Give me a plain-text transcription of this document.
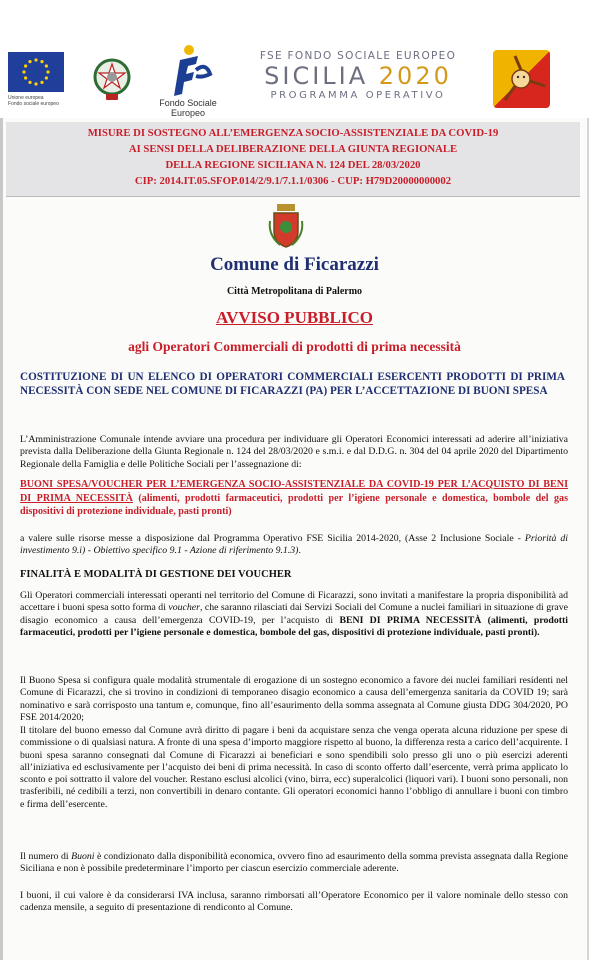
Unione europea
Fondo sociale europeo	Fondo Sociale Europeo
FSE FONDO SOCIALE EUROPEO
SICILIA 2020
PROGRAMMA OPERATIVO

MISURE DI SOSTEGNO ALL’EMERGENZA SOCIO-ASSISTENZIALE DA COVID-19

AI SENSI DELLA DELIBERAZIONE DELLA GIUNTA REGIONALE

DELLA REGIONE SICILIANA N. 124 DEL 28/03/2020

CIP: 2014.IT.05.SFOP.014/2/9.1/7.1.1/0306 - CUP: H79D20000000002

Comune di Ficarazzi
Città Metropolitana di Palermo
AVVISO PUBBLICO
agli Operatori Commerciali di prodotti di prima necessità
COSTITUZIONE DI UN ELENCO DI OPERATORI COMMERCIALI ESERCENTI PRODOTTI DI PRIMA NECESSITÀ CON SEDE NEL COMUNE DI FICARAZZI (PA) PER L’ACCETTAZIONE DI BUONI SPESA
L’Amministrazione Comunale intende avviare una procedura per individuare gli Operatori Economici interessati ad aderire all’iniziativa prevista dalla Deliberazione della Giunta Regionale n. 124 del 28/03/2020 e s.m.i. e dal D.D.G. n. 304 del 04 aprile 2020 del Dipartimento Regionale della Famiglia e delle Politiche Sociali per l’assegnazione di:
BUONI SPESA/VOUCHER PER L’EMERGENZA SOCIO-ASSISTENZIALE DA COVID-19 PER L’ACQUISTO DI BENI DI PRIMA NECESSITÀ (alimenti, prodotti farmaceutici, prodotti per l’igiene personale e domestica, bombole del gas dispositivi di protezione individuale, pasti pronti)
a valere sulle risorse messe a disposizione dal Programma Operativo FSE Sicilia 2014-2020, (Asse 2 Inclusione Sociale - Priorità di investimento 9.i) - Obiettivo specifico 9.1 - Azione di riferimento 9.1.3).
FINALITÀ E MODALITÀ DI GESTIONE DEI VOUCHER
Gli Operatori commerciali interessati operanti nel territorio del Comune di Ficarazzi, sono invitati a manifestare la propria disponibilità ad accettare i buoni spesa sotto forma di voucher, che saranno rilasciati dai Servizi Sociali del Comune a nuclei familiari in situazione di grave disagio economico a causa dell’emergenza COVID-19, per l’acquisto di BENI DI PRIMA NECESSITÀ (alimenti, prodotti farmaceutici, prodotti per l’igiene personale e domestica, bombole del gas, dispositivi di protezione individuale, pasti pronti).
Il Buono Spesa si configura quale modalità strumentale di erogazione di un sostegno economico a favore dei nuclei familiari residenti nel Comune di Ficarazzi, che si trovino in condizioni di temporaneo disagio economico a causa dell’emergenza sanitaria da COVID 19; sarà nominativo e sarà corrisposto una tantum e, comunque, fino all’esaurimento della somma assegnata al Comune giusta DDG 304/2020, PO FSE 2014/2020;
Il titolare del buono emesso dal Comune avrà diritto di pagare i beni da acquistare senza che venga operata alcuna riduzione per spese di commissione o di qualsiasi natura. A fronte di una spesa d’importo maggiore rispetto al buono, la differenza resta a carico dell’acquirente. I buoni spesa saranno consegnati dal Comune di Ficarazzi ai beneficiari e sono spendibili solo presso gli uno o più esercizi aderenti all’iniziativa ed esclusivamente per l’acquisto dei beni di prima necessità. In caso di sconto offerto dall’esercente, verrà prima applicato lo sconto e poi sottratto il valore del voucher. Restano esclusi alcolici (vino, birra, ecc) superalcolici (liquori vari). I buoni sono personali, non trasferibili, né cedibili a terzi, non convertibili in denaro contante. Gli operatori economici hanno l’obbligo di annullare i buoni con timbro e firma dell’esercente.
Il numero di Buoni è condizionato dalla disponibilità economica, ovvero fino ad esaurimento della somma prevista assegnata dalla Regione Siciliana e non è possibile predeterminare l’importo per ciascun esercizio commerciale aderente.
I buoni, il cui valore è da considerarsi IVA inclusa, saranno rimborsati all’Operatore Economico per il valore nominale dello stesso con cadenza mensile, a seguito di presentazione di rendiconto al Comune.
